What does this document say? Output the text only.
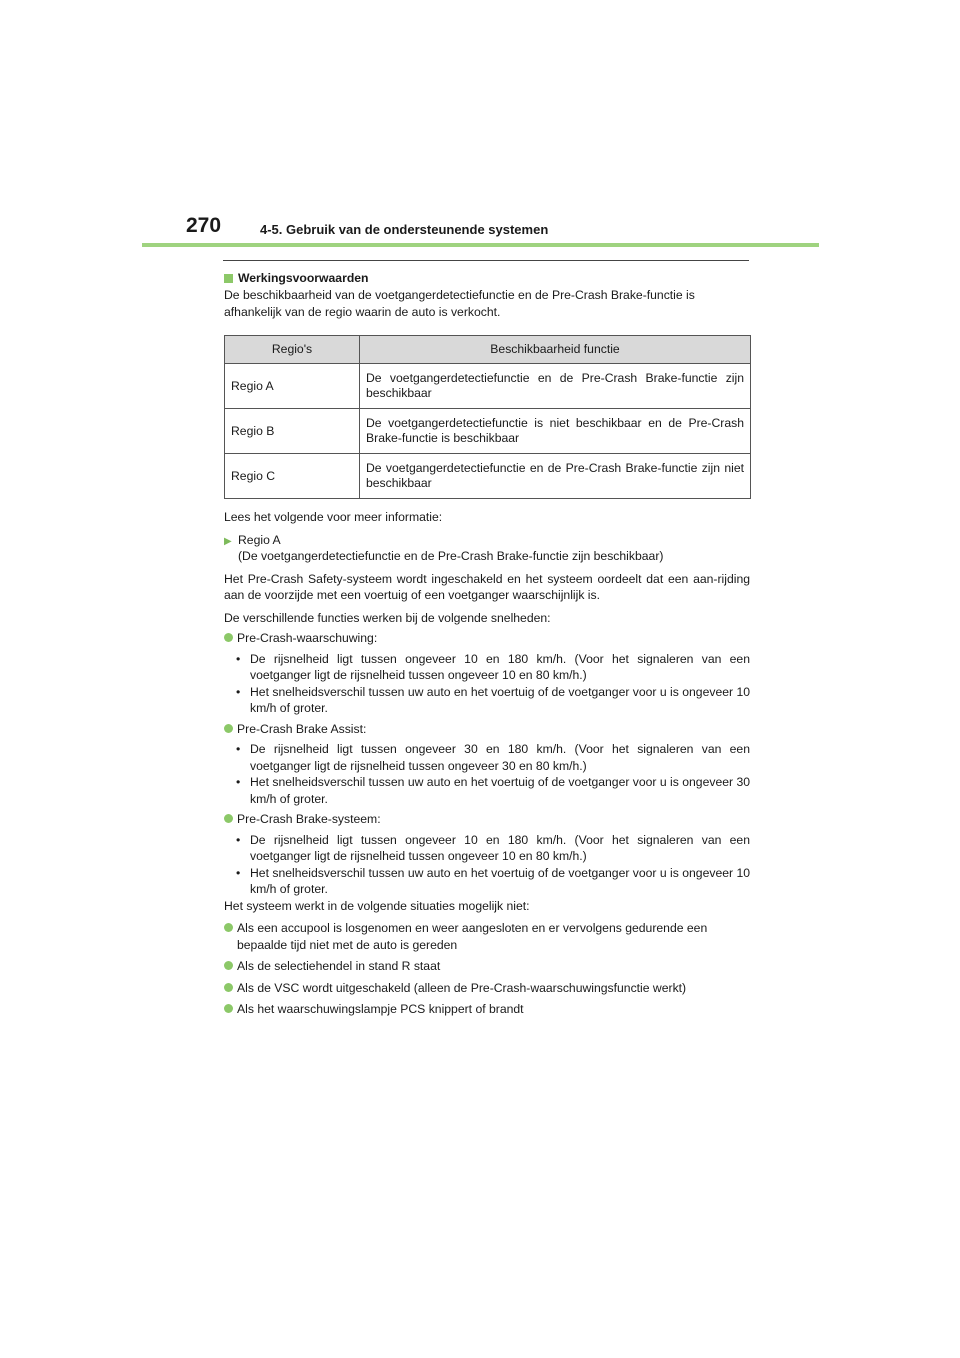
270	4-5. Gebruik van de ondersteunende systemen
Werkingsvoorwaarden

De beschikbaarheid van de voetgangerdetectiefunctie en de Pre-Crash Brake-functie is afhankelijk van de regio waarin de auto is verkocht.

Regio's	Beschikbaarheid functie
Regio A	De voetgangerdetectiefunctie en de Pre-Crash Brake-functie zijn beschikbaar
Regio B	De voetgangerdetectiefunctie is niet beschikbaar en de Pre-Crash Brake-functie is beschikbaar
Regio C	De voetgangerdetectiefunctie en de Pre-Crash Brake-functie zijn niet beschikbaar

Lees het volgende voor meer informatie:

▶ Regio A
(De voetgangerdetectiefunctie en de Pre-Crash Brake-functie zijn beschikbaar)

Het Pre-Crash Safety-systeem wordt ingeschakeld en het systeem oordeelt dat een aan-rijding aan de voorzijde met een voertuig of een voetganger waarschijnlijk is.

De verschillende functies werken bij de volgende snelheden:

Pre-Crash-waarschuwing:
• De rijsnelheid ligt tussen ongeveer 10 en 180 km/h. (Voor het signaleren van een voetganger ligt de rijsnelheid tussen ongeveer 10 en 80 km/h.)
• Het snelheidsverschil tussen uw auto en het voertuig of de voetganger voor u is ongeveer 10 km/h of groter.
Pre-Crash Brake Assist:
• De rijsnelheid ligt tussen ongeveer 30 en 180 km/h. (Voor het signaleren van een voetganger ligt de rijsnelheid tussen ongeveer 30 en 80 km/h.)
• Het snelheidsverschil tussen uw auto en het voertuig of de voetganger voor u is ongeveer 30 km/h of groter.
Pre-Crash Brake-systeem:
• De rijsnelheid ligt tussen ongeveer 10 en 180 km/h. (Voor het signaleren van een voetganger ligt de rijsnelheid tussen ongeveer 10 en 80 km/h.)
• Het snelheidsverschil tussen uw auto en het voertuig of de voetganger voor u is ongeveer 10 km/h of groter.

Het systeem werkt in de volgende situaties mogelijk niet:

Als een accupool is losgenomen en weer aangesloten en er vervolgens gedurende een bepaalde tijd niet met de auto is gereden
Als de selectiehendel in stand R staat
Als de VSC wordt uitgeschakeld (alleen de Pre-Crash-waarschuwingsfunctie werkt)
Als het waarschuwingslampje PCS knippert of brandt
